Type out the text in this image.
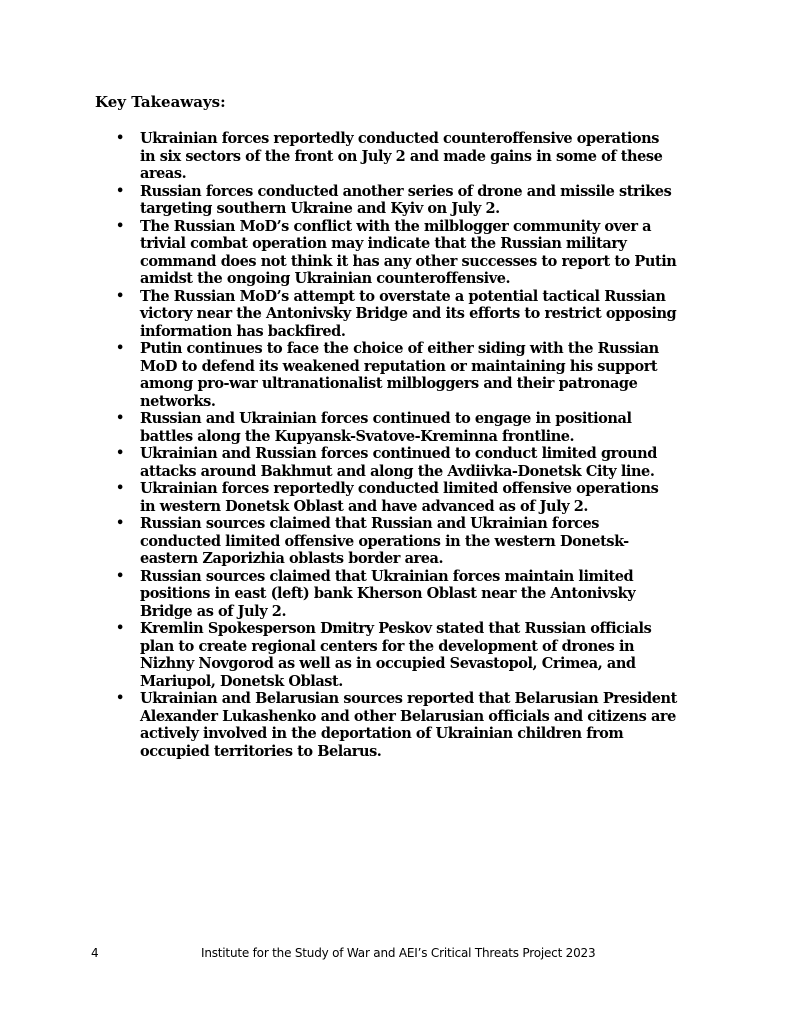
Key Takeaways:
• Ukrainian forces reportedly conducted counteroffensive operations
in six sectors of the front on July 2 and made gains in some of these
areas.
• Russian forces conducted another series of drone and missile strikes
targeting southern Ukraine and Kyiv on July 2.
• The Russian MoD’s conflict with the milblogger community over a
trivial combat operation may indicate that the Russian military
command does not think it has any other successes to report to Putin
amidst the ongoing Ukrainian counteroffensive.
• The Russian MoD’s attempt to overstate a potential tactical Russian
victory near the Antonivsky Bridge and its efforts to restrict opposing
information has backfired.
• Putin continues to face the choice of either siding with the Russian
MoD to defend its weakened reputation or maintaining his support
among pro-war ultranationalist milbloggers and their patronage
networks.
• Russian and Ukrainian forces continued to engage in positional
battles along the Kupyansk-Svatove-Kreminna frontline.
• Ukrainian and Russian forces continued to conduct limited ground
attacks around Bakhmut and along the Avdiivka-Donetsk City line.
• Ukrainian forces reportedly conducted limited offensive operations
in western Donetsk Oblast and have advanced as of July 2.
• Russian sources claimed that Russian and Ukrainian forces
conducted limited offensive operations in the western Donetsk-
eastern Zaporizhia oblasts border area.
• Russian sources claimed that Ukrainian forces maintain limited
positions in east (left) bank Kherson Oblast near the Antonivsky
Bridge as of July 2.
• Kremlin Spokesperson Dmitry Peskov stated that Russian officials
plan to create regional centers for the development of drones in
Nizhny Novgorod as well as in occupied Sevastopol, Crimea, and
Mariupol, Donetsk Oblast.
• Ukrainian and Belarusian sources reported that Belarusian President
Alexander Lukashenko and other Belarusian officials and citizens are
actively involved in the deportation of Ukrainian children from
occupied territories to Belarus.
4	Institute for the Study of War and AEI’s Critical Threats Project 2023
